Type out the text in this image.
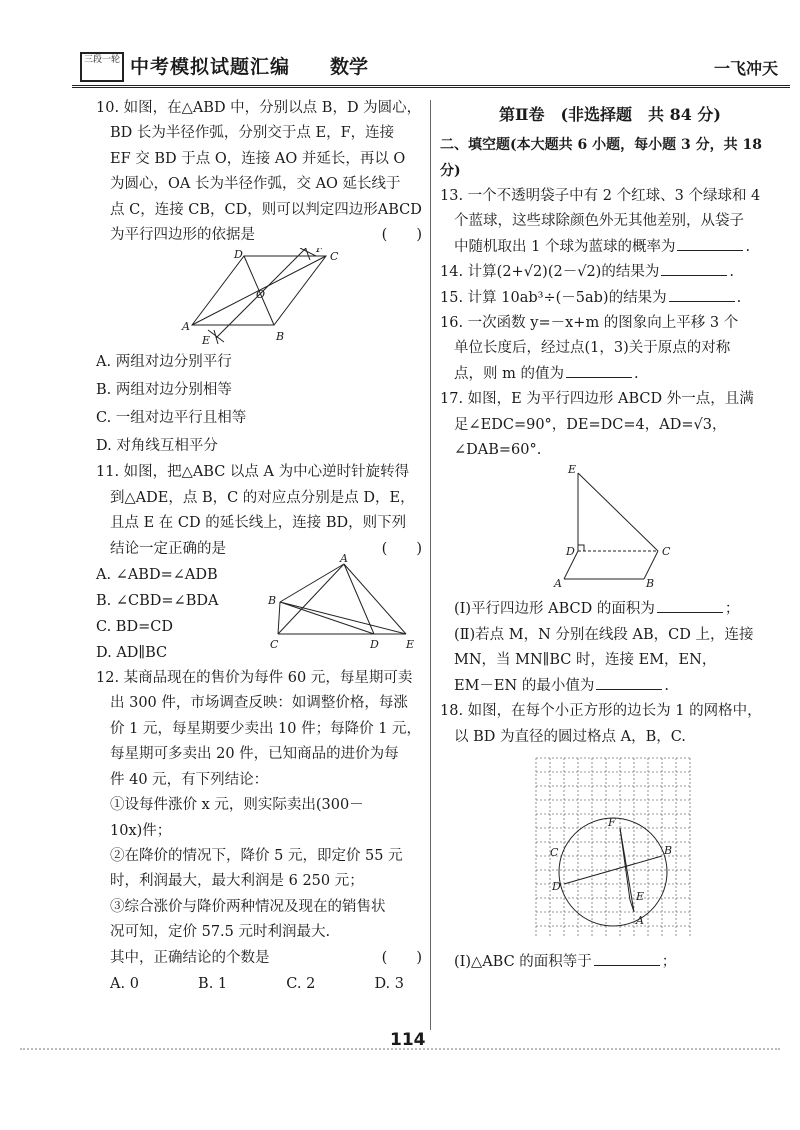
三段一轮 中考模拟试题汇编 数学	一飞冲天

10. 如图，在△ABD 中，分别以点 B，D 为圆心，

BD 长为半径作弧，分别交于点 E，F，连接

EF 交 BD 于点 O，连接 AO 并延长，再以 O

为圆心，OA 长为半径作弧，交 AO 延长线于

点 C，连接 CB，CD，则可以判定四边形ABCD

为平行四边形的依据是	(　　)

D	F
C
O
A
E	B

A. 两组对边分别平行

B. 两组对边分别相等

C. 一组对边平行且相等

D. 对角线互相平分

11. 如图，把△ABC 以点 A 为中心逆时针旋转得

到△ADE，点 B，C 的对应点分别是点 D，E，

且点 E 在 CD 的延长线上，连接 BD，则下列

结论一定正确的是	(　　)

A. ∠ABD=∠ADB

B. ∠CBD=∠BDA

C. BD=CD

D. AD∥BC

A
B
C	D E

12. 某商品现在的售价为每件 60 元，每星期可卖

出 300 件，市场调查反映：如调整价格，每涨

价 1 元，每星期要少卖出 10 件；每降价 1 元，

每星期可多卖出 20 件，已知商品的进价为每

件 40 元，有下列结论：

①设每件涨价 x 元，则实际卖出(300－

10x)件；

②在降价的情况下，降价 5 元，即定价 55 元

时，利润最大，最大利润是 6 250 元；

③综合涨价与降价两种情况及现在的销售状

况可知，定价 57.5 元时利润最大.

其中，正确结论的个数是	(　　)

A. 0	B. 1	C. 2	D. 3
第Ⅱ卷　(非选择题　共 84 分)
二、填空题(本大题共 6 小题，每小题 3 分，共 18 分)

13. 一个不透明袋子中有 2 个红球、3 个绿球和 4

个蓝球，这些球除颜色外无其他差别，从袋子

中随机取出 1 个球为蓝球的概率为	.

14. 计算(2+√2)(2－√2)的结果为	.

15. 计算 10ab³÷(－5ab)的结果为	.

16. 一次函数 y=－x+m 的图象向上平移 3 个

单位长度后，经过点(1，3)关于原点的对称

点，则 m 的值为	.

17. 如图，E 为平行四边形 ABCD 外一点，且满

足∠EDC=90°，DE=DC=4，AD=√3，

∠DAB=60°.

E
D	C
A	B

(Ⅰ)平行四边形 ABCD 的面积为	；

(Ⅱ)若点 M，N 分别在线段 AB，CD 上，连接

MN，当 MN∥BC 时，连接 EM，EN，

EM－EN 的最小值为	.

18. 如图，在每个小正方形的边长为 1 的网格中，

以 BD 为直径的圆过格点 A，B，C.

F
C	B
D
E
A

(Ⅰ)△ABC 的面积等于	；

114
